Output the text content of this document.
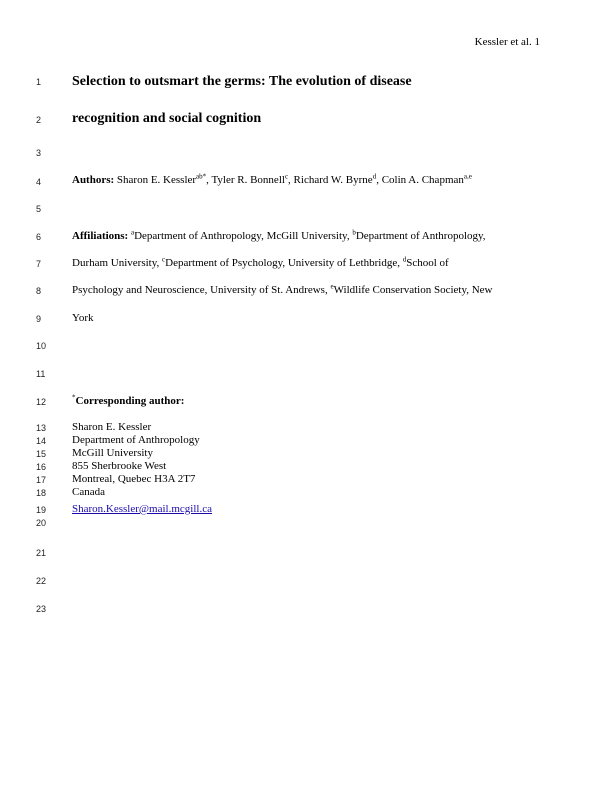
Kessler et al. 1
1
2
3
4
5
6
7
8
9
10
11
12
13
14
15
16
17
18
19
20
21
22
23
Selection to outsmart the germs: The evolution of disease
recognition and social cognition
Authors: Sharon E. Kessler$^{ab*}$, Tyler R. Bonnell$^c$, Richard W. Byrne$^d$, Colin A. Chapman$^{a,e}$
Affiliations: $^a$Department of Anthropology, McGill University, $^b$Department of Anthropology,
Durham University, $^c$Department of Psychology, University of Lethbridge, $^d$School of
Psychology and Neuroscience, University of St. Andrews, $^e$Wildlife Conservation Society, New
York
*Corresponding author:
Sharon E. Kessler
Department of Anthropology
McGill University
855 Sherbrooke West
Montreal, Quebec H3A 2T7
Canada
Sharon.Kessler@mail.mcgill.ca
